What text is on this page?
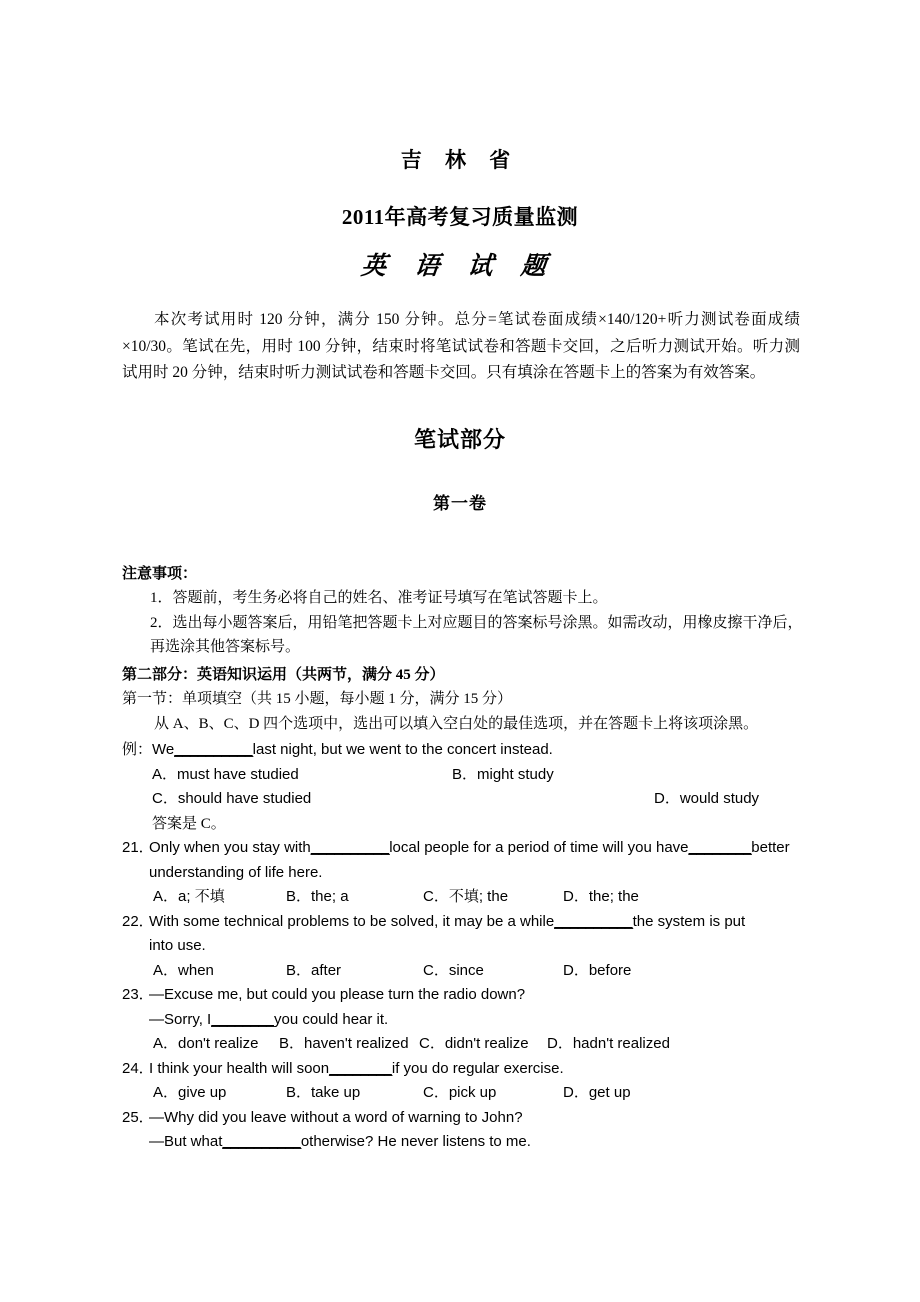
吉 林 省
2011年高考复习质量监测
英 语 试 题

本次考试用时 120 分钟，满分 150 分钟。总分=笔试卷面成绩×140/120+听力测试卷面成绩×10/30。笔试在先，用时 100 分钟，结束时将笔试试卷和答题卡交回，之后听力测试开始。听力测试用时 20 分钟，结束时听力测试试卷和答题卡交回。只有填涂在答题卡上的答案为有效答案。

笔试部分
第一卷

注意事项：

1．答题前，考生务必将自己的姓名、准考证号填写在笔试答题卡上。

2．选出每小题答案后，用铅笔把答题卡上对应题目的答案标号涂黑。如需改动，用橡皮擦干净后，再选涂其他答案标号。

第二部分：英语知识运用（共两节，满分 45 分）

第一节：单项填空（共 15 小题，每小题 1 分，满分 15 分）

从 A、B、C、D 四个选项中，选出可以填入空白处的最佳选项，并在答题卡上将该项涂黑。

例： We__________last night, but we went to the concert instead.
A．must have studied	B．might study
C．should have studied	D．would study
答案是 C。
21．
Only when you stay with__________local people for a period of time will you have________better
understanding of life here.
A．a; 不填	B．the; a	C．不填; the	D．the; the
22．
With some technical problems to be solved, it may be a while__________the system is put
into use.
A．when	B．after	C．since	D．before
23．
—Excuse me, but could you please turn the radio down?
—Sorry, I________you could hear it.
A．don't realize	B．haven't realized C．didn't realize	D．hadn't realized
24．
I think your health will soon________if you do regular exercise.
A．give up	B．take up	C．pick up	D．get up
25．
—Why did you leave without a word of warning to John?
—But what__________otherwise? He never listens to me.
